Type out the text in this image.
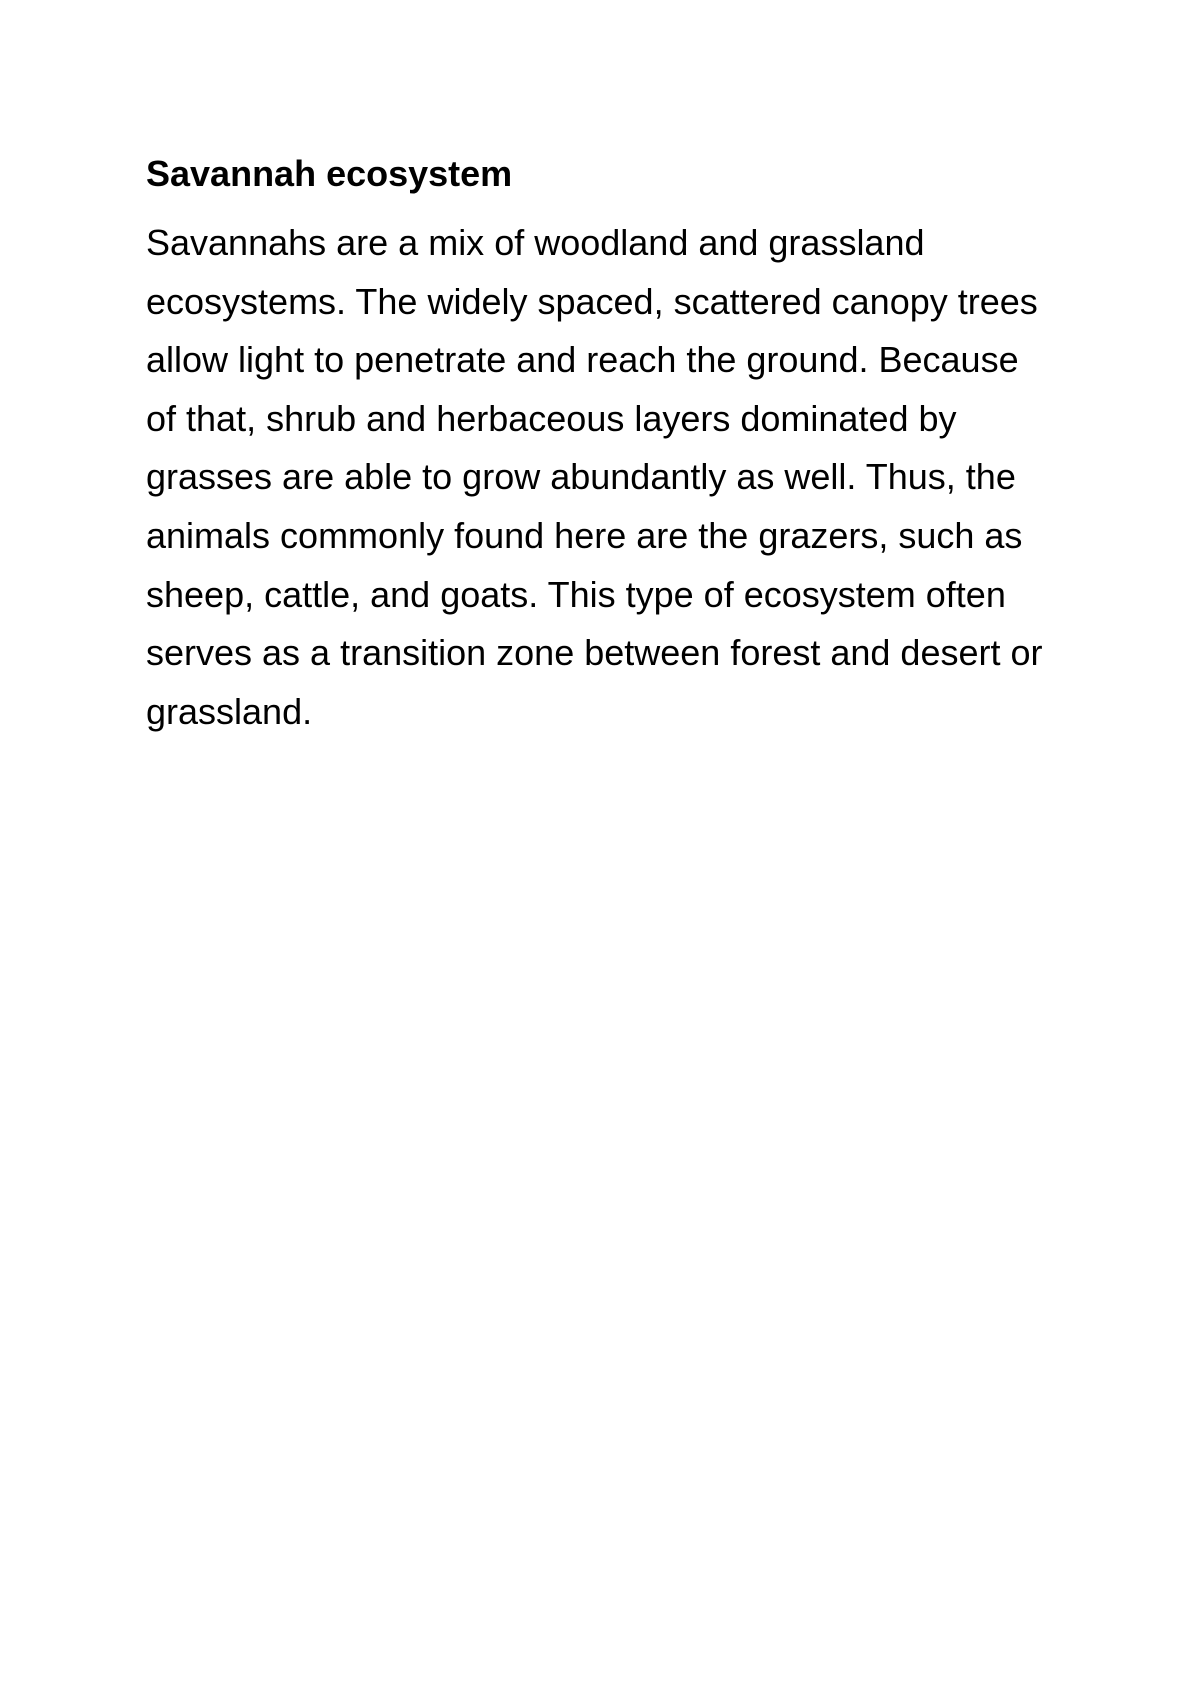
Savannah ecosystem

Savannahs are a mix of woodland and grassland ecosystems. The widely spaced, scattered canopy trees allow light to penetrate and reach the ground. Because of that, shrub and herbaceous layers dominated by grasses are able to grow abundantly as well. Thus, the animals commonly found here are the grazers, such as sheep, cattle, and goats. This type of ecosystem often serves as a transition zone between forest and desert or grassland.
